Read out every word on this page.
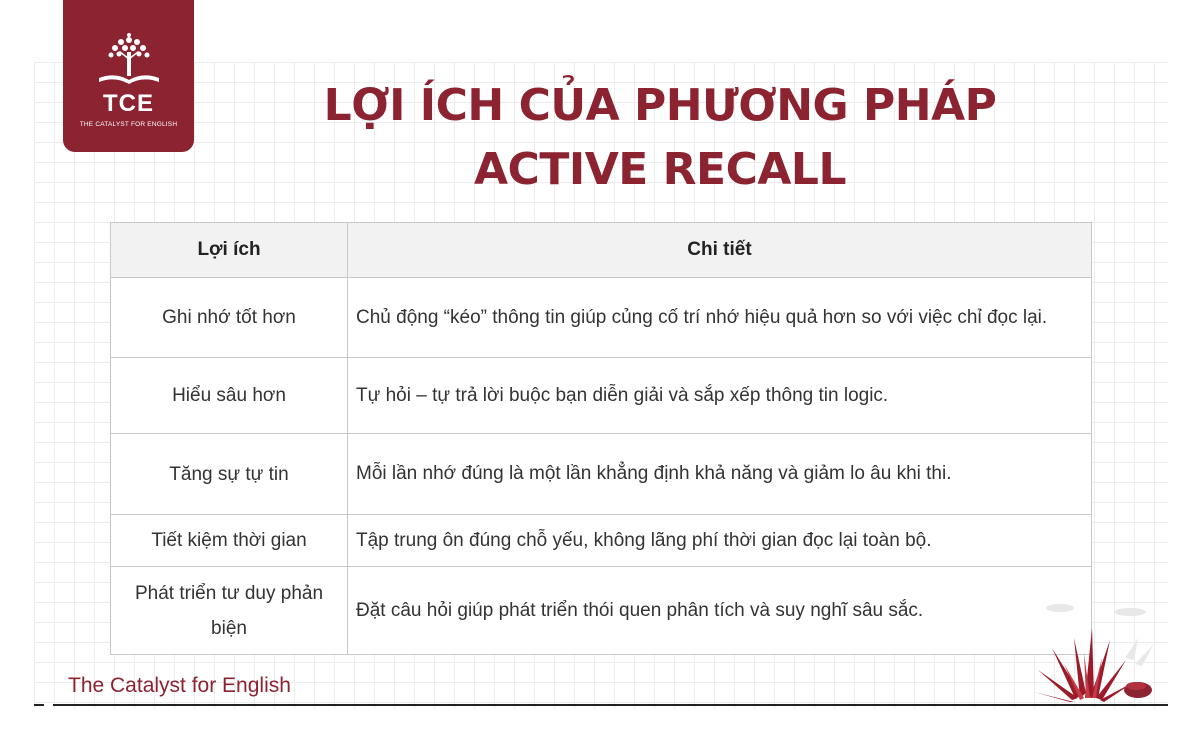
TCE
THE CATALYST FOR ENGLISH	LỢI ÍCH CỦA PHƯƠNG PHÁP
ACTIVE RECALL
Lợi ích	Chi tiết
Ghi nhớ tốt hơn	Chủ động “kéo” thông tin giúp củng cố trí nhớ hiệu quả hơn so với việc chỉ đọc lại.
Hiểu sâu hơn	Tự hỏi – tự trả lời buộc bạn diễn giải và sắp xếp thông tin logic.
Tăng sự tự tin	Mỗi lần nhớ đúng là một lần khẳng định khả năng và giảm lo âu khi thi.
Tiết kiệm thời gian	Tập trung ôn đúng chỗ yếu, không lãng phí thời gian đọc lại toàn bộ.
Phát triển tư duy phản biện	Đặt câu hỏi giúp phát triển thói quen phân tích và suy nghĩ sâu sắc.
The Catalyst for English
